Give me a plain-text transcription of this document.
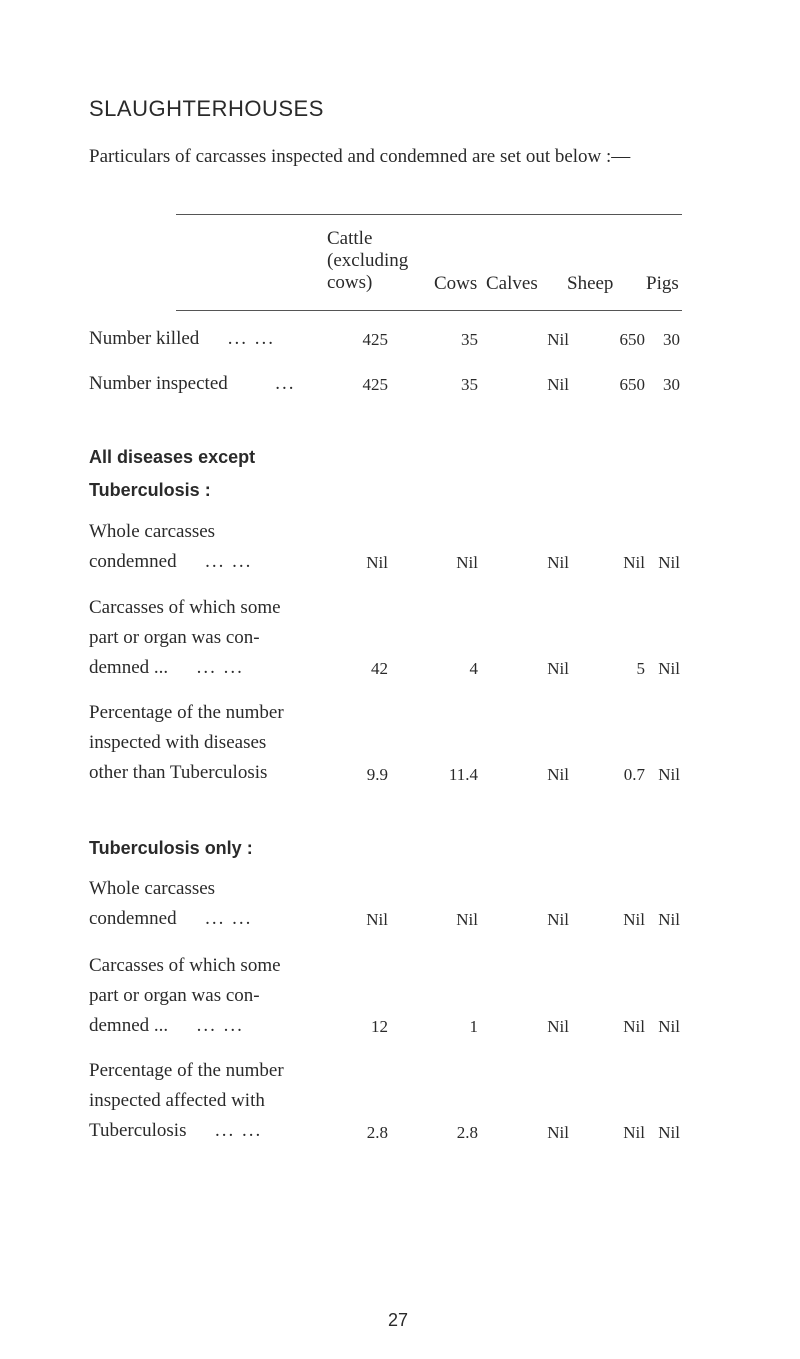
SLAUGHTERHOUSES
Particulars of carcasses inspected and condemned are set out below :—
Cattle
(excluding
cows)	Cows Calves Sheep Pigs
Number killed ... ...	425	35	Nil	650	30
Number inspected	...	425	35	Nil	650	30
All diseases except
Tuberculosis :
Whole carcasses
condemned ... ...	Nil	Nil	Nil	Nil Nil
Carcasses of which some
part or organ was con-
demned ... ... ...	42	4	Nil	5 Nil
Percentage of the number
inspected with diseases
other than Tuberculosis	9.9	11.4	Nil	0.7 Nil
Tuberculosis only :
Whole carcasses
condemned ... ...	Nil	Nil	Nil	Nil Nil
Carcasses of which some
part or organ was con-
demned ... ... ...	12	1	Nil	Nil Nil
Percentage of the number
inspected affected with
Tuberculosis ... ...	2.8	2.8	Nil	Nil Nil
27
